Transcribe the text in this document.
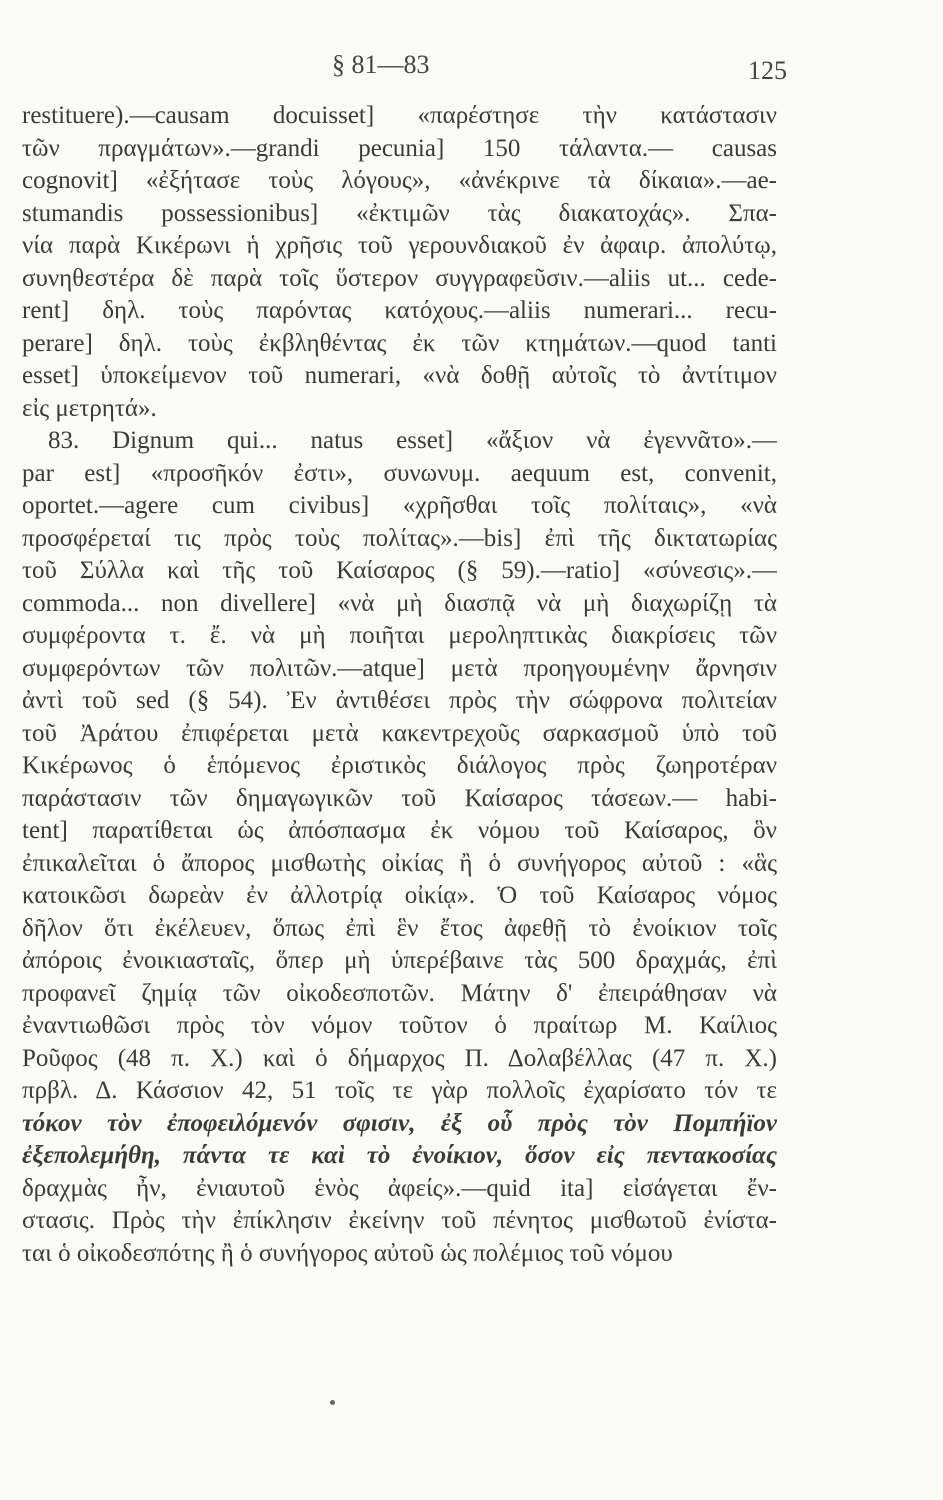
§ 81—83	125
restituere).—causam docuisset] «παρέστησε τὴν κατάστασιν
τῶν πραγμάτων».—grandi pecunia] 150 τάλαντα.— causas
cognovit] «ἐξήτασε τοὺς λόγους», «ἀνέκρινε τὰ δίκαια».—ae-
stumandis possessionibus] «ἐκτιμῶν τὰς διακατοχάς». Σπα-
νία παρὰ Κικέρωνι ἡ χρῆσις τοῦ γερουνδιακοῦ ἐν ἀφαιρ. ἀπολύτῳ,
συνηθεστέρα δὲ παρὰ τοῖς ὕστερον συγγραφεῦσιν.—aliis ut... cede-
rent] δηλ. τοὺς παρόντας κατόχους.—aliis numerari... recu-
perare] δηλ. τοὺς ἐκβληθέντας ἐκ τῶν κτημάτων.—quod tanti
esset] ὑποκείμενον τοῦ numerari, «νὰ δοθῇ αὐτοῖς τὸ ἀντίτιμον
εἰς μετρητά».
83. Dignum qui... natus esset] «ἄξιον νὰ ἐγεννᾶτο».—
par est] «προσῆκόν ἐστι», συνωνυμ. aequum est, convenit,
oportet.—agere cum civibus] «χρῆσθαι τοῖς πολίταις», «νὰ
προσφέρεταί τις πρὸς τοὺς πολίτας».—bis] ἐπὶ τῆς δικτατωρίας
τοῦ Σύλλα καὶ τῆς τοῦ Καίσαρος (§ 59).—ratio] «σύνεσις».—
commoda... non divellere] «νὰ μὴ διασπᾷ νὰ μὴ διαχωρίζῃ τὰ
συμφέροντα τ. ἔ. νὰ μὴ ποιῆται μεροληπτικὰς διακρίσεις τῶν
συμφερόντων τῶν πολιτῶν.—atque] μετὰ προηγουμένην ἄρνησιν
ἀντὶ τοῦ sed (§ 54). Ἐν ἀντιθέσει πρὸς τὴν σώφρονα πολιτείαν
τοῦ Ἀράτου ἐπιφέρεται μετὰ κακεντρεχοῦς σαρκασμοῦ ὑπὸ τοῦ
Κικέρωνος ὁ ἑπόμενος ἐριστικὸς διάλογος πρὸς ζωηροτέραν
παράστασιν τῶν δημαγωγικῶν τοῦ Καίσαρος τάσεων.— habi-
tent] παρατίθεται ὡς ἀπόσπασμα ἐκ νόμου τοῦ Καίσαρος, ὃν
ἐπικαλεῖται ὁ ἄπορος μισθωτὴς οἰκίας ἢ ὁ συνήγορος αὐτοῦ : «ἃς
κατοικῶσι δωρεὰν ἐν ἀλλοτρίᾳ οἰκίᾳ». Ὁ τοῦ Καίσαρος νόμος
δῆλον ὅτι ἐκέλευεν, ὅπως ἐπὶ ἓν ἔτος ἀφεθῇ τὸ ἐνοίκιον τοῖς
ἀπόροις ἐνοικιασταῖς, ὅπερ μὴ ὑπερέβαινε τὰς 500 δραχμάς, ἐπὶ
προφανεῖ ζημίᾳ τῶν οἰκοδεσποτῶν. Μάτην δ' ἐπειράθησαν νὰ
ἐναντιωθῶσι πρὸς τὸν νόμον τοῦτον ὁ πραίτωρ Μ. Καίλιος
Ροῦφος (48 π. Χ.) καὶ ὁ δήμαρχος Π. Δολαβέλλας (47 π. Χ.)
πρβλ. Δ. Κάσσιον 42, 51 τοῖς τε γὰρ πολλοῖς ἐχαρίσατο τόν τε
τόκον τὸν ἐποφειλόμενόν σφισιν, ἐξ οὗ πρὸς τὸν Πομπήϊον
ἐξεπολεμήθη, πάντα τε καὶ τὸ ἐνοίκιον, ὅσον εἰς πεντακοσίας
δραχμὰς ἦν, ἐνιαυτοῦ ἑνὸς ἀφείς».—quid ita] εἰσάγεται ἔν-
στασις. Πρὸς τὴν ἐπίκλησιν ἐκείνην τοῦ πένητος μισθωτοῦ ἐνίστα-
ται ὁ οἰκοδεσπότης ἢ ὁ συνήγορος αὐτοῦ ὡς πολέμιος τοῦ νόμου
